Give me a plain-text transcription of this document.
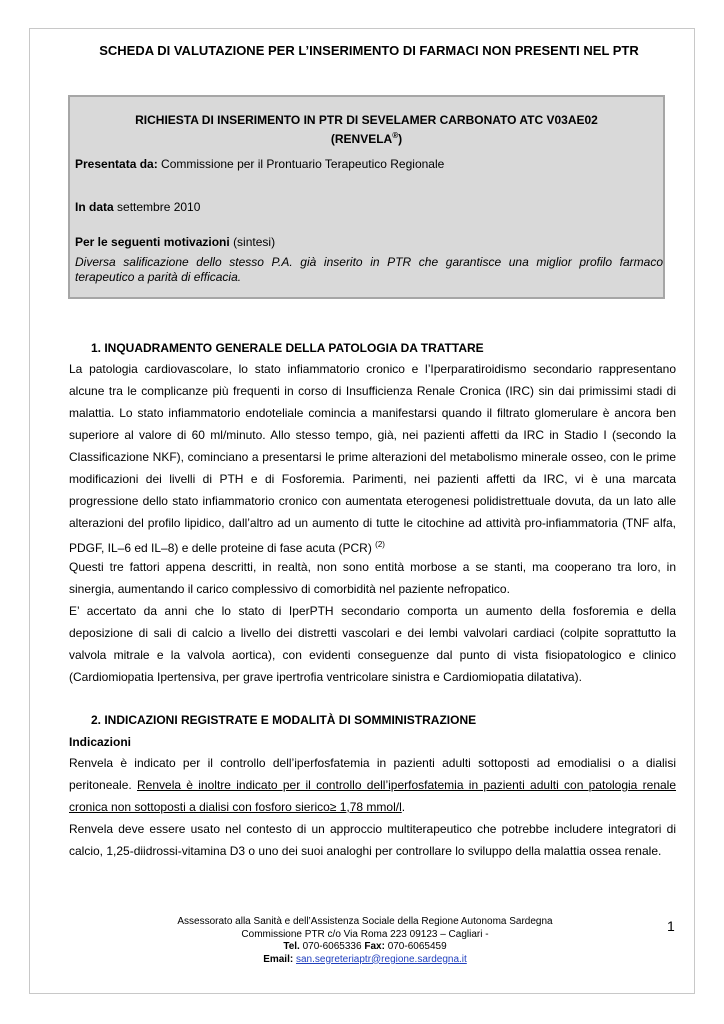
SCHEDA DI VALUTAZIONE PER L’INSERIMENTO DI FARMACI NON PRESENTI NEL PTR
RICHIESTA DI INSERIMENTO IN PTR DI SEVELAMER CARBONATO ATC V03AE02
(RENVELA®)
Presentata da: Commissione per il Prontuario Terapeutico Regionale
In data settembre 2010
Per le seguenti motivazioni (sintesi)
Diversa salificazione dello stesso P.A. già inserito in PTR che garantisce una miglior profilo farmaco terapeutico a parità di efficacia.
1. INQUADRAMENTO GENERALE DELLA PATOLOGIA DA TRATTARE
La patologia cardiovascolare, lo stato infiammatorio cronico e l’Iperparatiroidismo secondario rappresentano alcune tra le complicanze più frequenti in corso di Insufficienza Renale Cronica (IRC) sin dai primissimi stadi di malattia. Lo stato infiammatorio endoteliale comincia a manifestarsi quando il filtrato glomerulare è ancora ben superiore al valore di 60 ml/minuto. Allo stesso tempo, già, nei pazienti affetti da IRC in Stadio I (secondo la Classificazione NKF), cominciano a presentarsi le prime alterazioni del metabolismo minerale osseo, con le prime modificazioni dei livelli di PTH e di Fosforemia. Parimenti, nei pazienti affetti da IRC, vi è una marcata progressione dello stato infiammatorio cronico con aumentata eterogenesi polidistrettuale dovuta, da un lato alle alterazioni del profilo lipidico, dall’altro ad un aumento di tutte le citochine ad attività pro-infiammatoria (TNF alfa, PDGF, IL–6 ed IL–8) e delle proteine di fase acuta (PCR) $^{(2)}$
Questi tre fattori appena descritti, in realtà, non sono entità morbose a se stanti, ma cooperano tra loro, in sinergia, aumentando il carico complessivo di comorbidità nel paziente nefropatico.
E’ accertato da anni che lo stato di IperPTH secondario comporta un aumento della fosforemia e della deposizione di sali di calcio a livello dei distretti vascolari e dei lembi valvolari cardiaci (colpite soprattutto la valvola mitrale e la valvola aortica), con evidenti conseguenze dal punto di vista fisiopatologico e clinico (Cardiomiopatia Ipertensiva, per grave ipertrofia ventricolare sinistra e Cardiomiopatia dilatativa).
2. INDICAZIONI REGISTRATE E MODALITÀ DI SOMMINISTRAZIONE
Indicazioni
Renvela è indicato per il controllo dell’iperfosfatemia in pazienti adulti sottoposti ad emodialisi o a dialisi peritoneale. Renvela è inoltre indicato per il controllo dell’iperfosfatemia in pazienti adulti con patologia renale cronica non sottoposti a dialisi con fosforo sierico≥ 1,78 mmol/l.
Renvela deve essere usato nel contesto di un approccio multiterapeutico che potrebbe includere integratori di calcio, 1,25-diidrossi-vitamina D3 o uno dei suoi analoghi per controllare lo sviluppo della malattia ossea renale.
Assessorato alla Sanità e dell’Assistenza Sociale della Regione Autonoma Sardegna
Commissione PTR c/o Via Roma 223 09123 – Cagliari -
Tel. 070-6065336 Fax: 070-6065459
Email: san.segreteriaptr@regione.sardegna.it
1
